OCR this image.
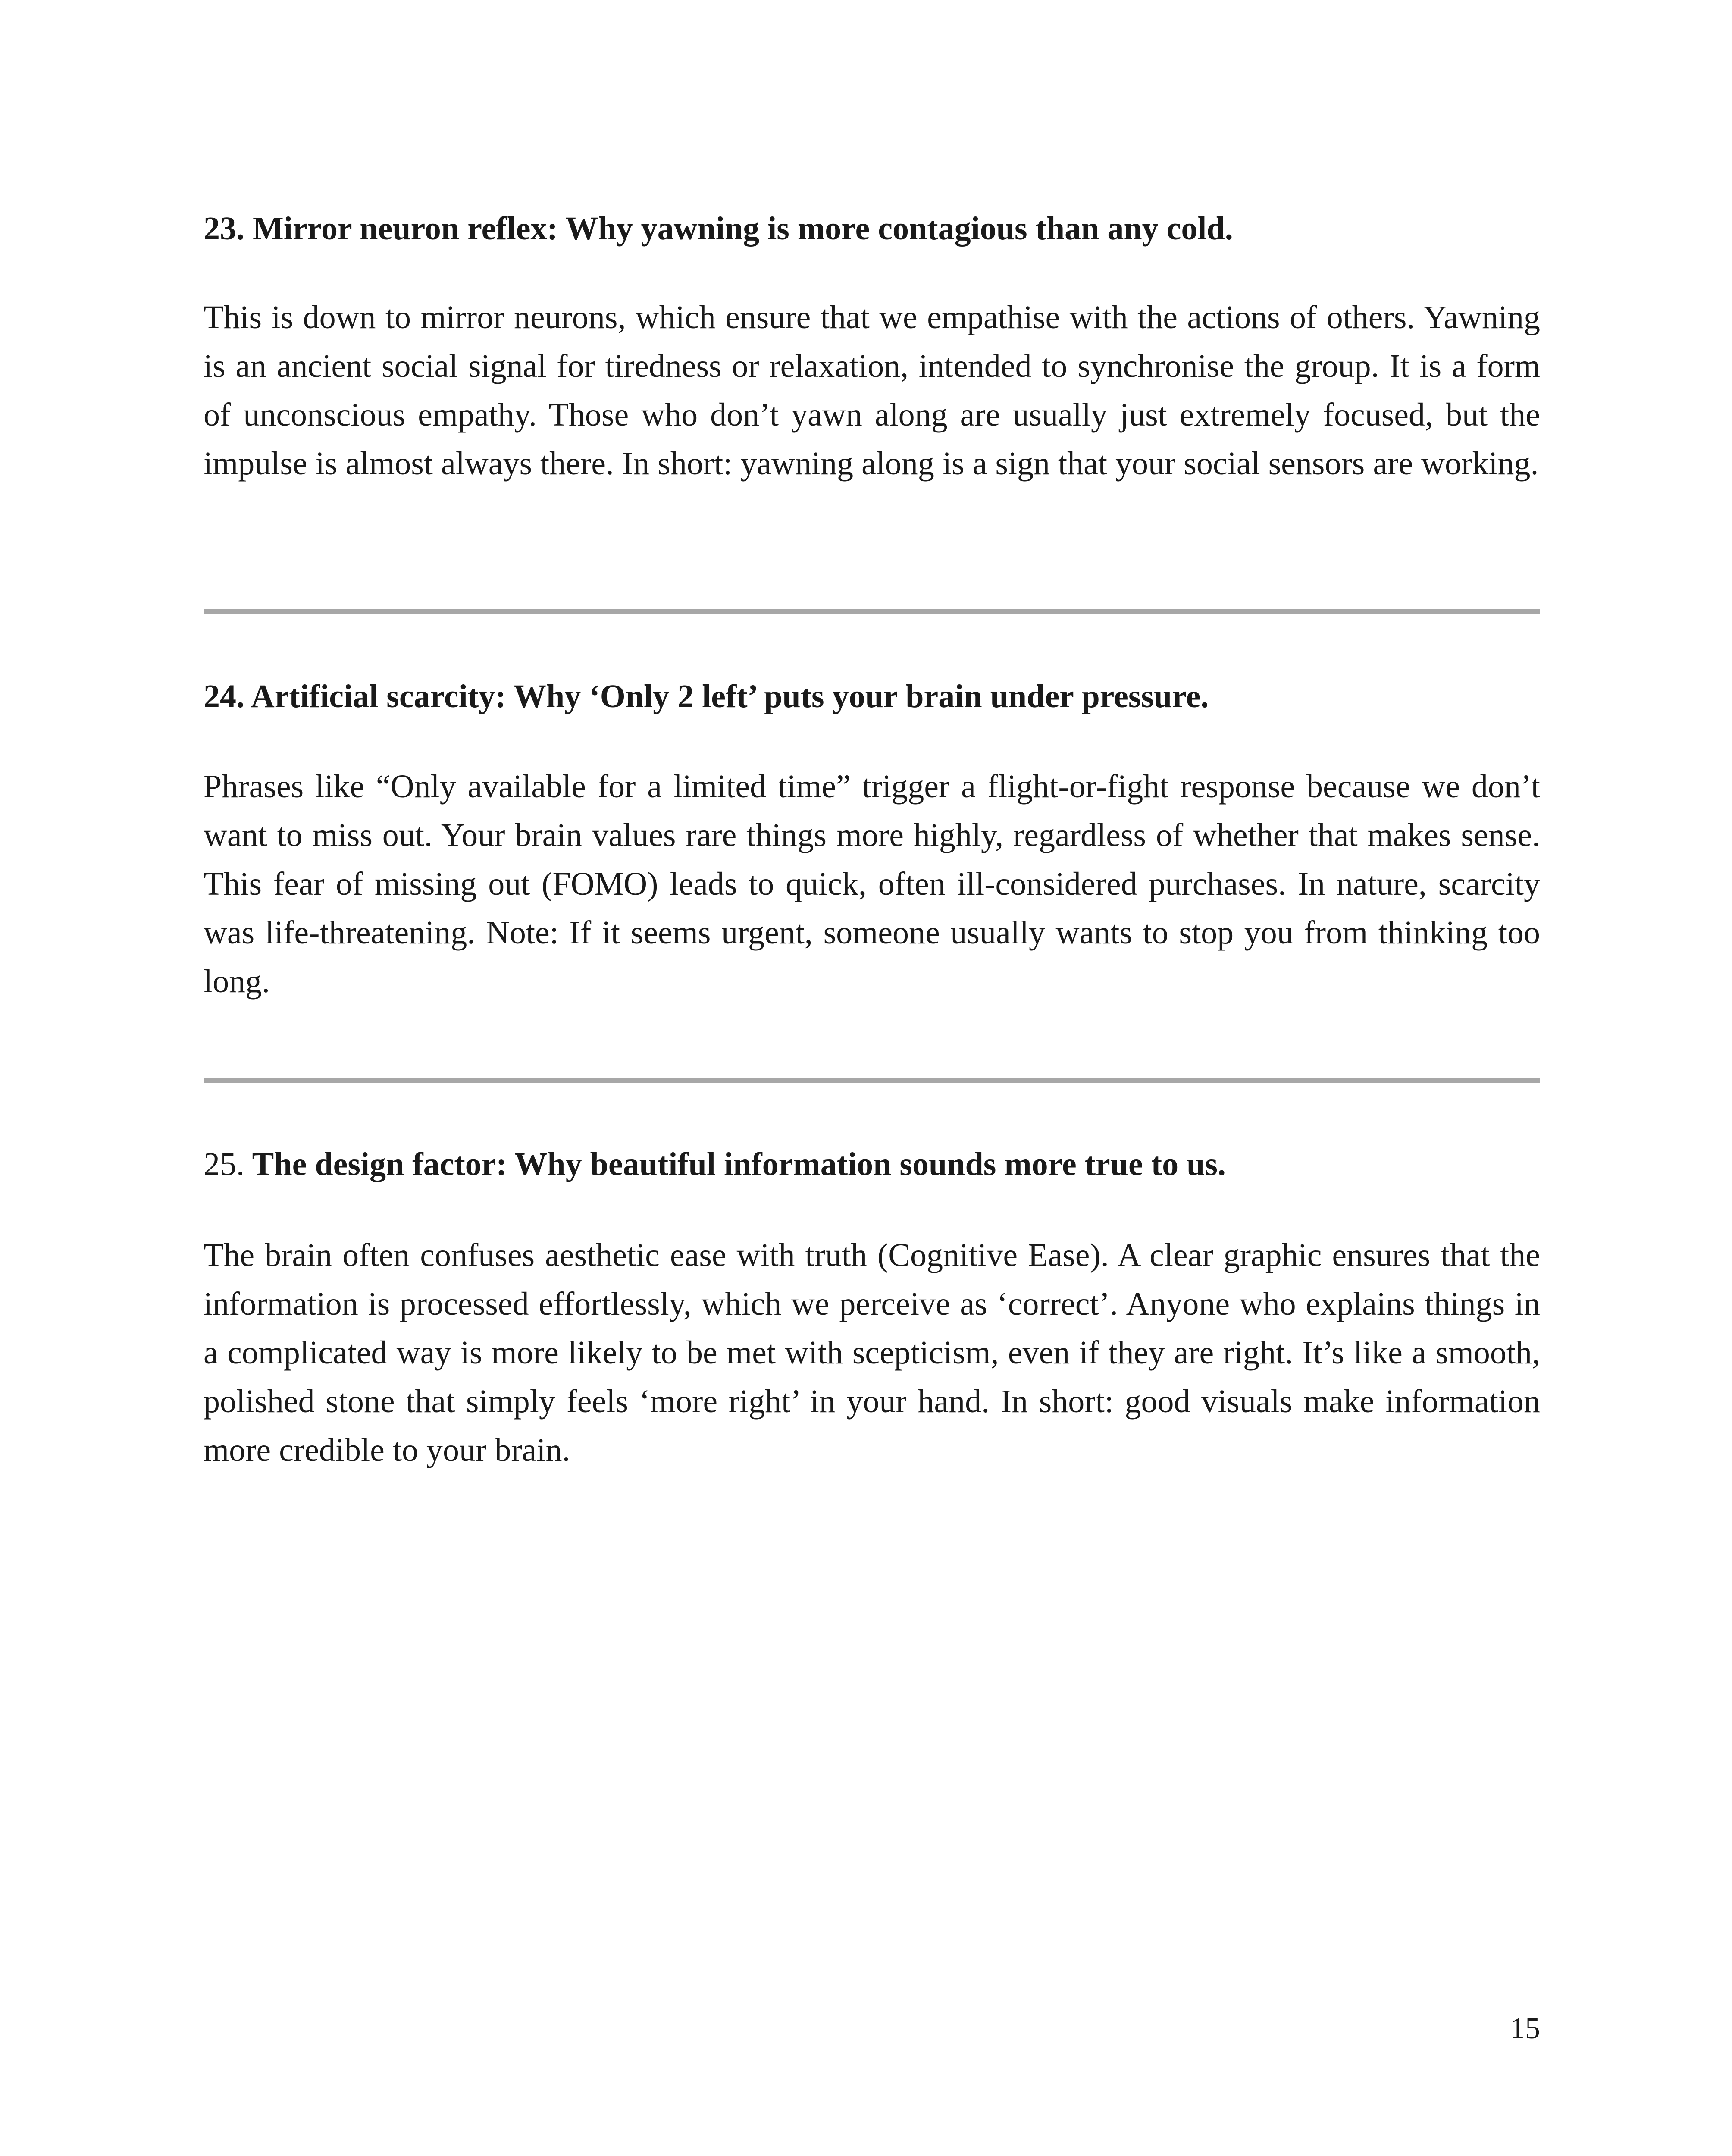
23. Mirror neuron reflex: Why yawning is more contagious than any cold.

This is down to mirror neurons, which ensure that we empathise with the actions of others. Yawning is an ancient social signal for tiredness or relaxation, intended to synchronise the group. It is a form of unconscious empathy. Those who don’t yawn along are usually just extremely focused, but the impulse is almost always there. In short: yawning along is a sign that your social sensors are working.

24. Artificial scarcity: Why ‘Only 2 left’ puts your brain under pressure.

Phrases like “Only available for a limited time” trigger a flight-or-fight response because we don’t want to miss out. Your brain values rare things more highly, regardless of whether that makes sense. This fear of missing out (FOMO) leads to quick, often ill-considered purchases. In nature, scarcity was life-threatening. Note: If it seems urgent, someone usually wants to stop you from thinking too long.

25. The design factor: Why beautiful information sounds more true to us.

The brain often confuses aesthetic ease with truth (Cognitive Ease). A clear graphic ensures that the information is processed effortlessly, which we perceive as ‘correct’. Anyone who explains things in a complicated way is more likely to be met with scepticism, even if they are right. It’s like a smooth, polished stone that simply feels ‘more right’ in your hand. In short: good visuals make information more credible to your brain.

15
